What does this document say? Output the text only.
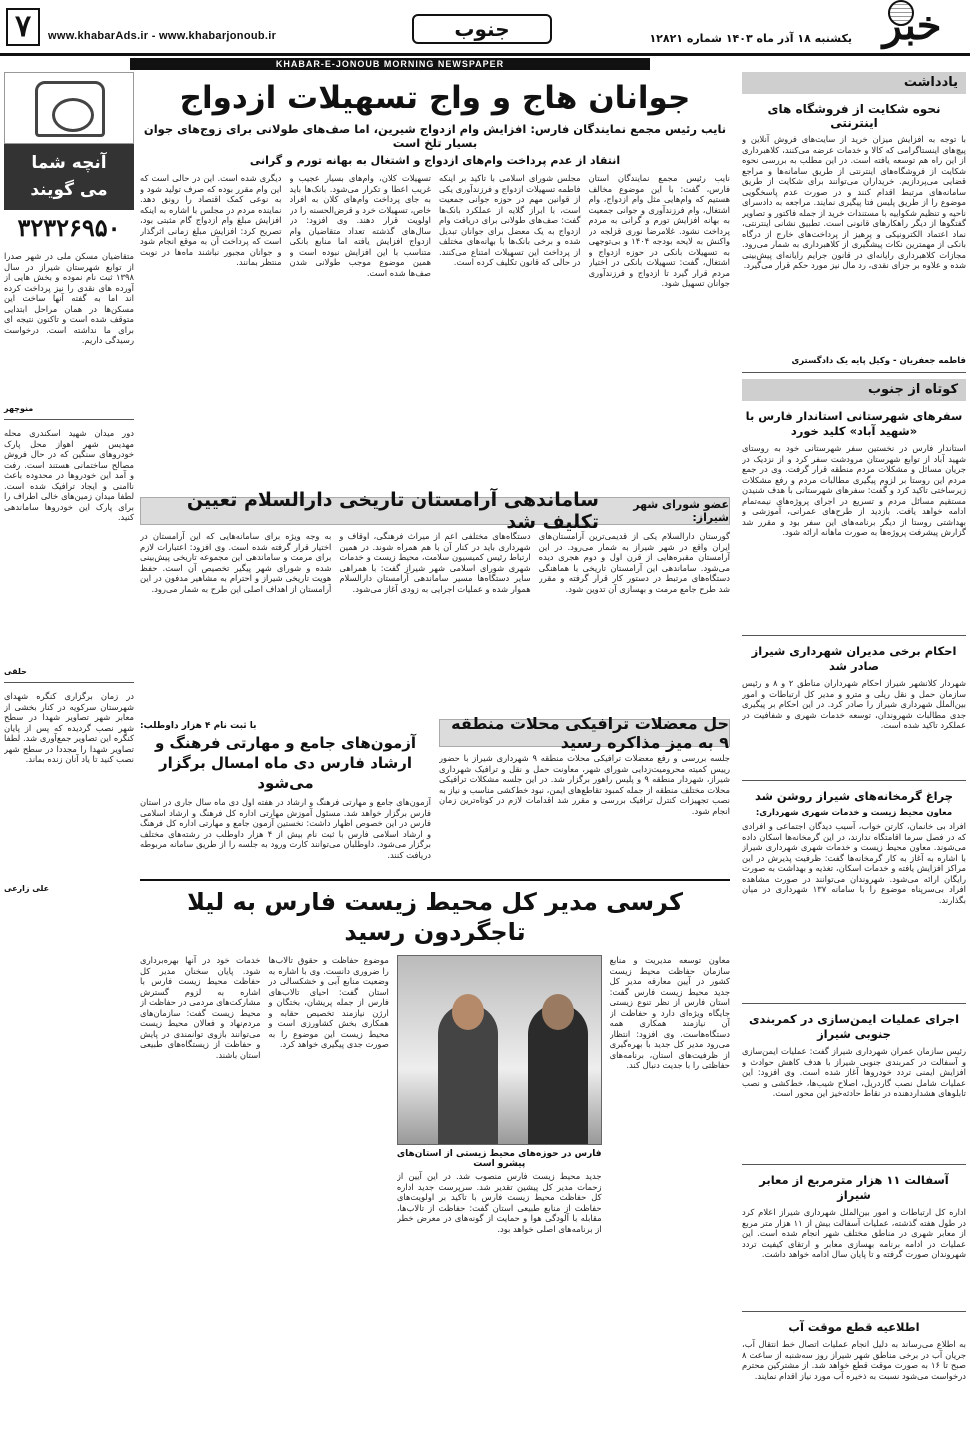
۷	www.khabarAds.ir - www.khabarjonoub.ir	جنوب	یکشنبه ۱۸ آذر ماه ۱۴۰۳ شماره ۱۲۸۲۱ خبر
KHABAR-E-JONOUB MORNING NEWSPAPER
یادداشت
نحوه شکایت از فروشگاه های اینترنتی
با توجه به افزایش میزان خرید از سایت‌های فروش آنلاین و پیچ‌های اینستاگرامی که کالا و خدمات عرضه می‌کنند، کلاهبرداری از این راه هم توسعه یافته است. در این مطلب به بررسی نحوه شکایت از فروشگاه‌های اینترنتی از طریق سامانه‌ها و مراجع قضایی می‌پردازیم. خریداران می‌توانند برای شکایت از طریق سامانه‌های مرتبط اقدام کنند و در صورت عدم پاسخگویی موضوع را از طریق پلیس فتا پیگیری نمایند. مراجعه به دادسرای ناحیه و تنظیم شکواییه با مستندات خرید از جمله فاکتور و تصاویر گفتگوها از دیگر راهکارهای قانونی است. تطبیق نشانی اینترنتی، نماد اعتماد الکترونیکی و پرهیز از پرداخت‌های خارج از درگاه بانکی از مهمترین نکات پیشگیری از کلاهبرداری به شمار می‌رود. مجازات کلاهبرداری رایانه‌ای در قانون جرایم رایانه‌ای پیش‌بینی شده و علاوه بر جزای نقدی، رد مال نیز مورد حکم قرار می‌گیرد.
فاطمه جعفریان - وکیل پایه یک دادگستری
کوتاه از جنوب
سفرهای شهرستانی استاندار فارس با «شهید آباد» کلید خورد
استاندار فارس در نخستین سفر شهرستانی خود به روستای شهید آباد از توابع شهرستان مرودشت سفر کرد و از نزدیک در جریان مسائل و مشکلات مردم منطقه قرار گرفت. وی در جمع مردم این روستا بر لزوم پیگیری مطالبات مردم و رفع مشکلات زیرساختی تاکید کرد و گفت: سفرهای شهرستانی با هدف شنیدن مستقیم مسائل مردم و تسریع در اجرای پروژه‌های نیمه‌تمام ادامه خواهد یافت. بازدید از طرح‌های عمرانی، آموزشی و بهداشتی روستا از دیگر برنامه‌های این سفر بود و مقرر شد گزارش پیشرفت پروژه‌ها به صورت ماهانه ارائه شود.
احکام برخی مدیران شهرداری شیراز صادر شد
شهردار کلانشهر شیراز احکام شهرداران مناطق ۲ و ۸ و رئیس سازمان حمل و نقل ریلی و مترو و مدیر کل ارتباطات و امور بین‌الملل شهرداری شیراز را صادر کرد. در این احکام بر پیگیری جدی مطالبات شهروندان، توسعه خدمات شهری و شفافیت در عملکرد تاکید شده است.
چراغ گرمخانه‌های شیراز روشن شد
معاون محیط زیست و خدمات شهری شهرداری:
افراد بی خانمان، کارتن خواب، آسیب دیدگان اجتماعی و افرادی که در فصل سرما اقامتگاه ندارند، در این گرمخانه‌ها اسکان داده می‌شوند. معاون محیط زیست و خدمات شهری شهرداری شیراز با اشاره به آغاز به کار گرمخانه‌ها گفت: ظرفیت پذیرش در این مراکز افزایش یافته و خدمات اسکان، تغذیه و بهداشت به صورت رایگان ارائه می‌شود. شهروندان می‌توانند در صورت مشاهده افراد بی‌سرپناه موضوع را با سامانه ۱۳۷ شهرداری در میان بگذارند.
اجرای عملیات ایمن‌سازی در کمربندی جنوبی شیراز
رئیس سازمان عمران شهرداری شیراز گفت: عملیات ایمن‌سازی و آسفالت در کمربندی جنوبی شیراز با هدف کاهش حوادث و افزایش ایمنی تردد خودروها آغاز شده است. وی افزود: این عملیات شامل نصب گاردریل، اصلاح شیب‌ها، خط‌کشی و نصب تابلوهای هشداردهنده در نقاط حادثه‌خیز این محور است.
آسفالت ۱۱ هزار مترمربع از معابر شیراز
اداره کل ارتباطات و امور بین‌الملل شهرداری شیراز اعلام کرد در طول هفته گذشته، عملیات آسفالت بیش از ۱۱ هزار متر مربع از معابر شهری در مناطق مختلف شهر انجام شده است. این عملیات در ادامه برنامه بهسازی معابر و ارتقای کیفیت تردد شهروندان صورت گرفته و تا پایان سال ادامه خواهد داشت.
اطلاعیه قطع موقت آب
به اطلاع می‌رساند به دلیل انجام عملیات اتصال خط انتقال آب، جریان آب در برخی مناطق شهر شیراز روز سه‌شنبه از ساعت ۸ صبح تا ۱۶ به صورت موقت قطع خواهد شد. از مشترکین محترم درخواست می‌شود نسبت به ذخیره آب مورد نیاز اقدام نمایند.
آنچه شما
می گویند
۳۲۳۲۶۹۵۰
متقاضیان مسکن ملی در شهر صدرا از توابع شهرستان شیراز در سال ۱۳۹۸ ثبت نام نموده و بخش هایی از آورده های نقدی را نیز پرداخت کرده اند اما به گفته آنها ساخت این مسکن‌ها در همان مراحل ابتدایی متوقف شده است و تاکنون نتیجه ای برای ما نداشته است. درخواست رسیدگی داریم.
منوچهر
دور میدان شهید اسکندری محله مهدیس شهر اهواز محل پارک خودروهای سنگین که در حال فروش مصالح ساختمانی هستند است. رفت و آمد این خودروها در محدوده باعث ناامنی و ایجاد ترافیک شده است. لطفا میدان زمین‌های خالی اطراف را برای پارک این خودروها ساماندهی کنید.
حلقی
در زمان برگزاری کنگره شهدای شهرستان سرکویه در کنار بخشی از معابر شهر تصاویر شهدا در سطح شهر نصب گردیده که پس از پایان کنگره این تصاویر جمع‌آوری شد. لطفا تصاویر شهدا را مجددا در سطح شهر نصب کنید تا یاد آنان زنده بماند.
علی زارعی
جوانان هاج و واج تسهیلات ازدواج
نایب رئیس مجمع نمایندگان فارس: افزایش وام ازدواج شیرین، اما صف‌های طولانی برای زوج‌های جوان بسیار تلخ است
انتقاد از عدم پرداخت وام‌های ازدواج و اشتغال به بهانه تورم و گرانی
نایب رئیس مجمع نمایندگان استان فارس، گفت: با این موضوع مخالف هستیم که وام‌هایی مثل وام ازدواج، وام اشتغال، وام فرزندآوری و جوانی جمعیت به بهانه افزایش تورم و گرانی به مردم پرداخت نشود. غلامرضا نوری قزلجه در واکنش به لایحه بودجه ۱۴۰۴ و بی‌توجهی به تسهیلات بانکی در حوزه ازدواج و اشتغال، گفت: تسهیلات بانکی در اختیار مردم قرار گیرد تا ازدواج و فرزندآوری جوانان تسهیل شود.
مجلس شورای اسلامی با تاکید بر اینکه فاطمه تسهیلات ازدواج و فرزندآوری یکی از قوانین مهم در حوزه جوانی جمعیت است، با ابراز گلایه از عملکرد بانک‌ها گفت: صف‌های طولانی برای دریافت وام ازدواج به یک معضل برای جوانان تبدیل شده و برخی بانک‌ها با بهانه‌های مختلف از پرداخت این تسهیلات امتناع می‌کنند. در حالی که قانون تکلیف کرده است.
تسهیلات کلان، وام‌های بسیار عجیب و غریب اعطا و تکرار می‌شود. بانک‌ها باید به جای پرداخت وام‌های کلان به افراد خاص، تسهیلات خرد و قرض‌الحسنه را در اولویت قرار دهند. وی افزود: در سال‌های گذشته تعداد متقاضیان وام ازدواج افزایش یافته اما منابع بانکی متناسب با این افزایش نبوده است و همین موضوع موجب طولانی شدن صف‌ها شده است.
دیگری شده است. این در حالی است که این وام مقرر بوده که صرف تولید شود و به نوعی کمک اقتصاد را رونق دهد. نماینده مردم در مجلس با اشاره به اینکه افزایش مبلغ وام ازدواج گام مثبتی بود، تصریح کرد: افزایش مبلغ زمانی اثرگذار است که پرداخت آن به موقع انجام شود و جوانان مجبور نباشند ماه‌ها در نوبت منتظر بمانند.
عضو شورای شهر شیراز:
ساماندهی آرامستان تاریخی دارالسلام تعیین تکلیف شد
گورستان دارالسلام یکی از قدیمی‌ترین آرامستان‌های ایران واقع در شهر شیراز به شمار می‌رود. در این آرامستان مقبره‌هایی از قرن اول و دوم هجری دیده می‌شود. ساماندهی این آرامستان تاریخی با هماهنگی دستگاه‌های مرتبط در دستور کار قرار گرفته و مقرر شد طرح جامع مرمت و بهسازی آن تدوین شود.
دستگاه‌های مختلفی اعم از میراث فرهنگی، اوقاف و شهرداری باید در کنار آن با هم همراه شوند. در همین ارتباط رئیس کمیسیون سلامت، محیط زیست و خدمات شهری شورای اسلامی شهر شیراز گفت: با همراهی سایر دستگاه‌ها مسیر ساماندهی آرامستان دارالسلام هموار شده و عملیات اجرایی به زودی آغاز می‌شود.
به وجه ویژه برای سامانه‌هایی که این آرامستان در اختیار قرار گرفته شده است. وی افزود: اعتبارات لازم برای مرمت و ساماندهی این مجموعه تاریخی پیش‌بینی شده و شورای شهر پیگیر تخصیص آن است. حفظ هویت تاریخی شیراز و احترام به مشاهیر مدفون در این آرامستان از اهداف اصلی این طرح به شمار می‌رود.
حل معضلات ترافیکی محلات منطقه ۹ به میز مذاکره رسید
جلسه بررسی و رفع معضلات ترافیکی محلات منطقه ۹ شهرداری شیراز با حضور رییس کمیته محرومیت‌زدایی شورای شهر، معاونت حمل و نقل و ترافیک شهرداری شیراز، شهردار منطقه ۹ و پلیس راهور برگزار شد. در این جلسه مشکلات ترافیکی محلات مختلف منطقه از جمله کمبود تقاطع‌های ایمن، نبود خط‌کشی مناسب و نیاز به نصب تجهیزات کنترل ترافیک بررسی و مقرر شد اقدامات لازم در کوتاه‌ترین زمان انجام شود.
با ثبت نام ۴ هزار داوطلب:
آزمون‌های جامع و مهارتی فرهنگ و ارشاد فارس دی ماه امسال برگزار می‌شود
آزمون‌های جامع و مهارتی فرهنگ و ارشاد در هفته اول دی ماه سال جاری در استان فارس برگزار خواهد شد. مسئول آموزش مهارتی اداره کل فرهنگ و ارشاد اسلامی فارس در این خصوص اظهار داشت: نخستین آزمون جامع و مهارتی اداره کل فرهنگ و ارشاد اسلامی فارس با ثبت نام بیش از ۴ هزار داوطلب در رشته‌های مختلف برگزار می‌شود. داوطلبان می‌توانند کارت ورود به جلسه را از طریق سامانه مربوطه دریافت کنند.
کرسی مدیر کل محیط زیست فارس به لیلا تاجگردون رسید
معاون توسعه مدیریت و منابع سازمان حفاظت محیط زیست کشور در آیین معارفه مدیر کل جدید محیط زیست فارس گفت: استان فارس از نظر تنوع زیستی جایگاه ویژه‌ای دارد و حفاظت از آن نیازمند همکاری همه دستگاه‌هاست. وی افزود: انتظار می‌رود مدیر کل جدید با بهره‌گیری از ظرفیت‌های استان، برنامه‌های حفاظتی را با جدیت دنبال کند.
فارس در حوزه‌های محیط زیستی از استان‌های پیشرو است
جدید محیط زیست فارس منصوب شد. در این آیین از زحمات مدیر کل پیشین تقدیر شد. سرپرست جدید اداره کل حفاظت محیط زیست فارس با تاکید بر اولویت‌های حفاظت از منابع طبیعی استان گفت: حفاظت از تالاب‌ها، مقابله با آلودگی هوا و حمایت از گونه‌های در معرض خطر از برنامه‌های اصلی خواهد بود.
موضوع حفاظت و حقوق تالاب‌ها را ضروری دانست. وی با اشاره به وضعیت منابع آبی و خشکسالی در استان گفت: احیای تالاب‌های فارس از جمله پریشان، بختگان و ارژن نیازمند تخصیص حقابه و همکاری بخش کشاورزی است و محیط زیست این موضوع را به صورت جدی پیگیری خواهد کرد.
خدمات خود در آنها بهره‌برداری شود. پایان سخنان مدیر کل حفاظت محیط زیست فارس با اشاره به لزوم گسترش مشارکت‌های مردمی در حفاظت از محیط زیست گفت: سازمان‌های مردم‌نهاد و فعالان محیط زیست می‌توانند بازوی توانمندی در پایش و حفاظت از زیستگاه‌های طبیعی استان باشند.
